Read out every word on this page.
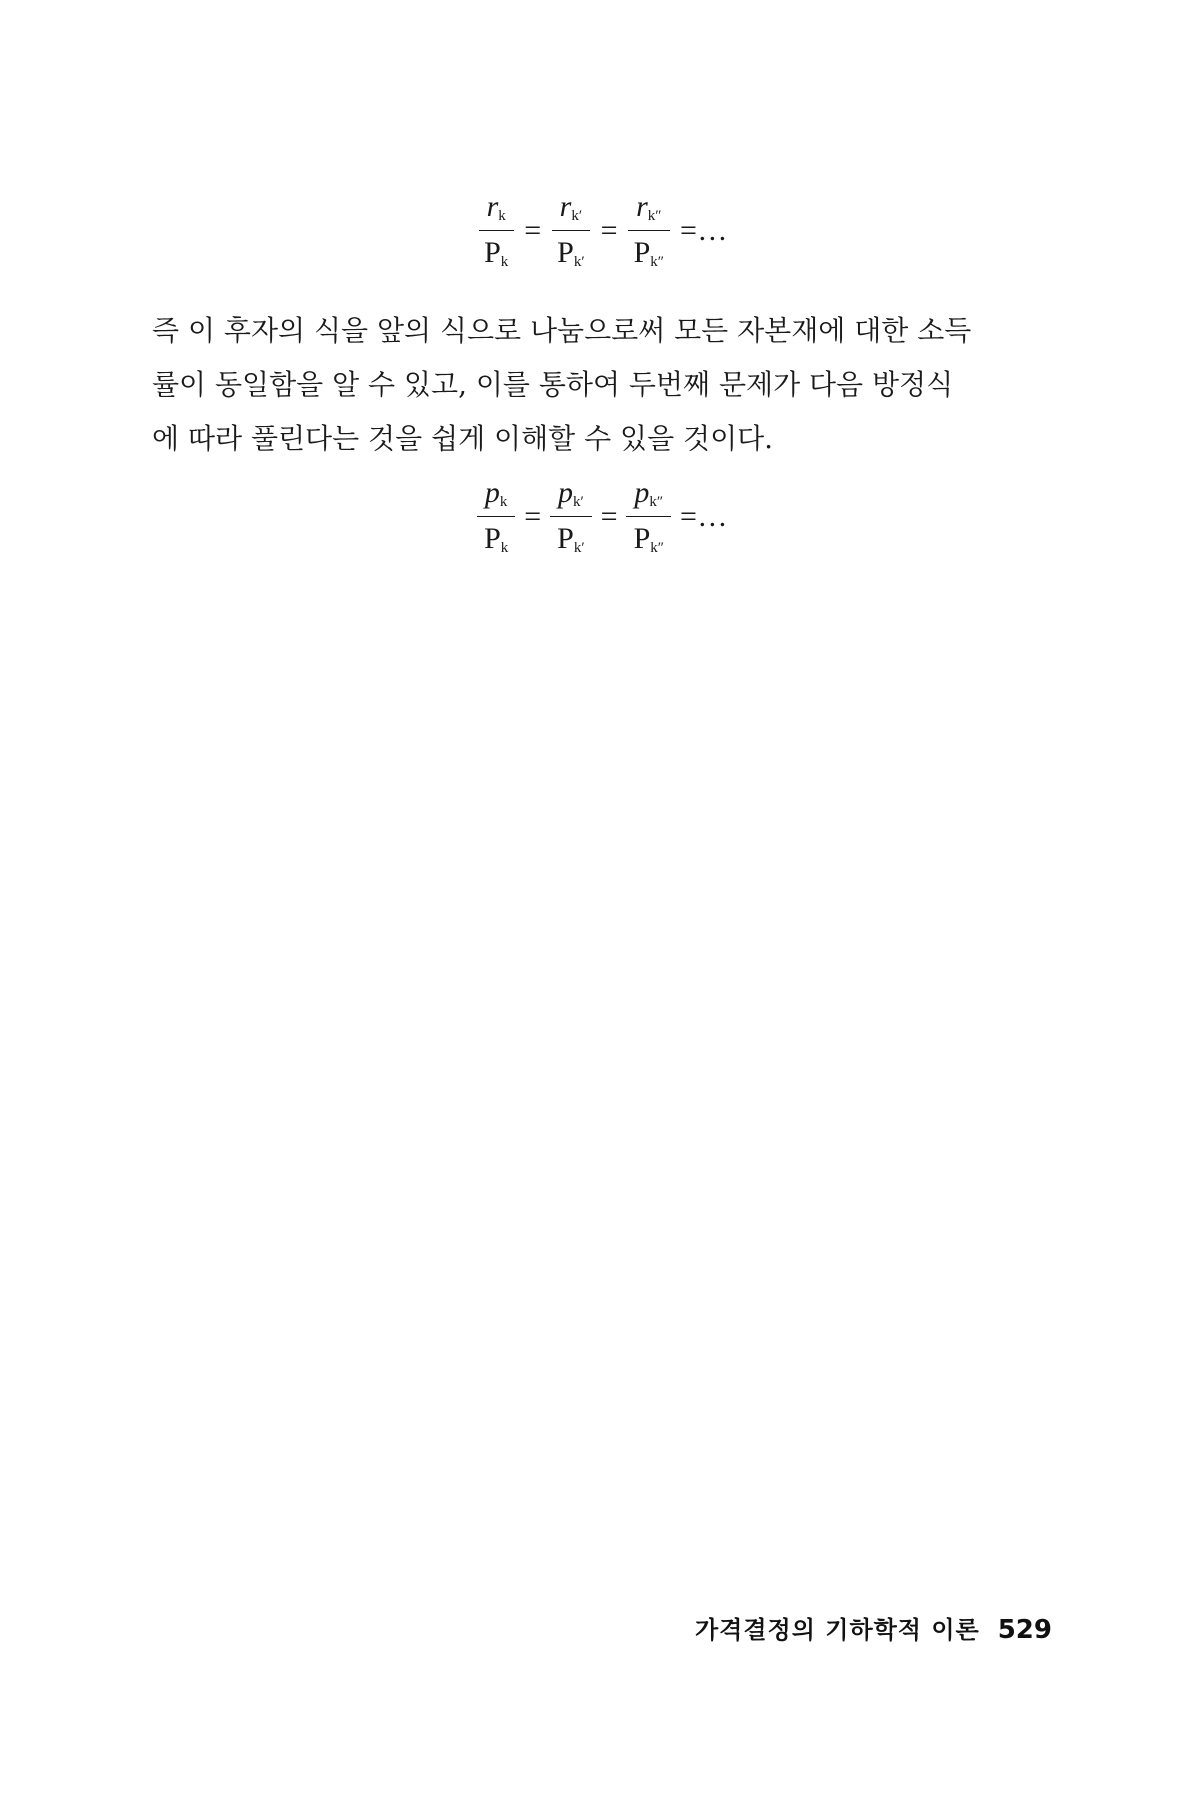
$\frac{r_k}{P_k} = \frac{r_{k'}}{P_{k'}} = \frac{r_{k''}}{P_{k''}}$ =…

즉 이 후자의 식을 앞의 식으로 나눔으로써 모든 자본재에 대한 소득
률이 동일함을 알 수 있고, 이를 통하여 두번째 문제가 다음 방정식
에 따라 풀린다는 것을 쉽게 이해할 수 있을 것이다.

$\frac{p_k}{P_k} = \frac{p_{k'}}{P_{k'}} = \frac{p_{k''}}{P_{k''}}$ =…
가격결정의 기하학적 이론 529
